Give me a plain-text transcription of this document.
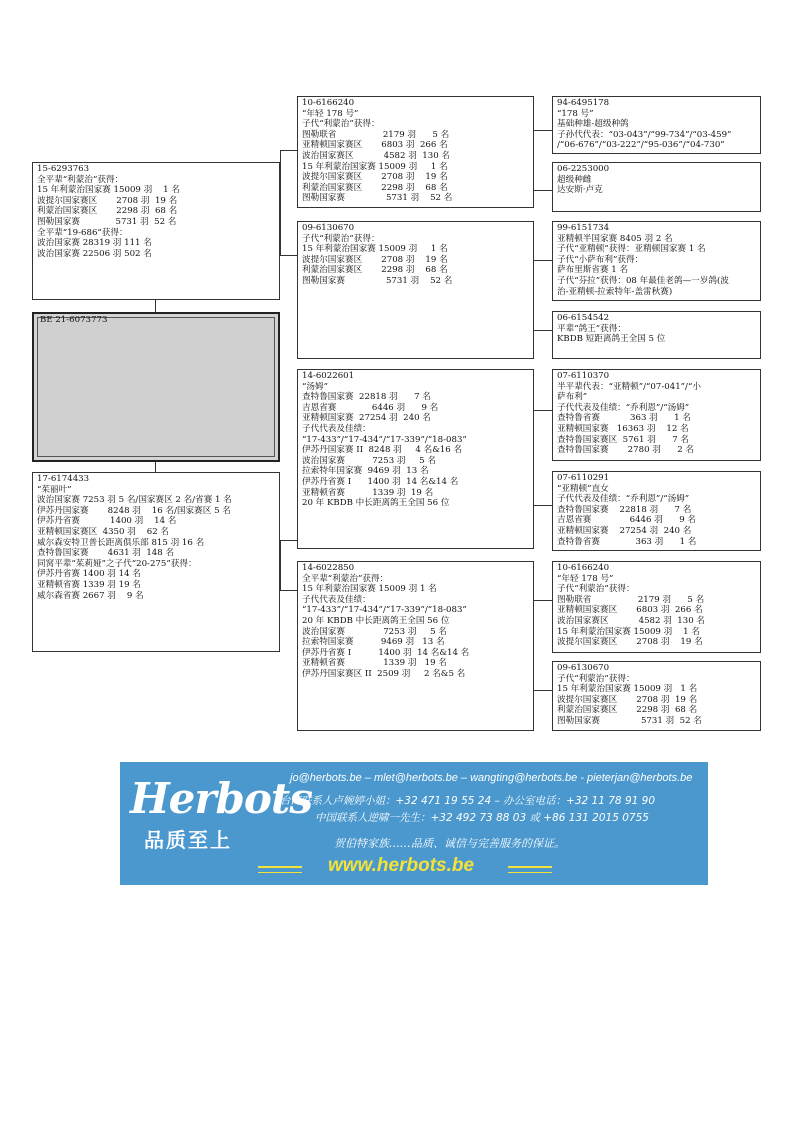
15-6293763
全平辈“利蒙治”获得：
15 年利蒙治国家赛 15009 羽    1 名
波提尔国家赛区       2708 羽  19 名
利蒙治国家赛区       2298 羽  68 名
图勒国家赛             5731 羽  52 名
全平辈“19-686”获得：
波治国家赛 28319 羽 111 名
波治国家赛 22506 羽 502 名
BE 21-6073773
17-6174433
“茱丽叶”
波治国家赛 7253 羽 5 名/国家赛区 2 名/省赛 1 名
伊苏丹国家赛       8248 羽    16 名/国家赛区 5 名
伊苏丹省赛           1400 羽    14 名
亚精顿国家赛区  4350 羽    62 名
威尔森安特卫普长距离俱乐部 815 羽 16 名
查特鲁国家赛       4631 羽  148 名
同窝平辈“茱莉娅”之子代“20-275”获得：
伊苏丹省赛 1400 羽 14 名
亚精顿省赛 1339 羽 19 名
威尔森省赛 2667 羽    9 名
10-6166240
“年轻 178 号”
子代“利蒙治”获得：
图勒联省                 2179 羽      5 名
亚精顿国家赛区       6803 羽  266 名
波治国家赛区           4582 羽  130 名
15 年利蒙治国家赛 15009 羽     1 名
波提尔国家赛区       2708 羽    19 名
利蒙治国家赛区       2298 羽    68 名
图勒国家赛               5731 羽    52 名
09-6130670
子代“利蒙治”获得：
15 年利蒙治国家赛 15009 羽     1 名
波提尔国家赛区       2708 羽    19 名
利蒙治国家赛区       2298 羽    68 名
图勒国家赛               5731 羽    52 名
14-6022601
“汤姆”
查特鲁国家赛  22818 羽      7 名
吉恩省赛             6446 羽      9 名
亚精顿国家赛  27254 羽  240 名
子代代表及佳绩：
“17-433”/“17-434”/“17-339”/“18-083”
伊苏丹国家赛 II  8248 羽     4 名&16 名
波治国家赛          7253 羽     5 名
拉索特年国家赛  9469 羽  13 名
伊苏丹省赛 I      1400 羽  14 名&14 名
亚精顿省赛          1339 羽  19 名
20 年 KBDB 中长距离鸽王全国 56 位
14-6022850
全平辈“利蒙治”获得：
15 年利蒙治国家赛 15009 羽 1 名
子代代表及佳绩：
“17-433”/“17-434”/“17-339”/“18-083”
20 年 KBDB 中长距离鸽王全国 56 位
波治国家赛              7253 羽     5 名
拉索特国家赛          9469 羽   13 名
伊苏丹省赛 I          1400 羽  14 名&14 名
亚精顿省赛              1339 羽   19 名
伊苏丹国家赛区 II  2509 羽     2 名&5 名
94-6495178
“178 号”
基础种雄-超级种鸽
子孙代代表：“03-043”/“99-734”/“03-459”
/“06-676”/“03-222”/“95-036”/“04-730”
06-2253000
超级种雌
达安斯·卢克
99-6151734
亚精顿半国家赛 8405 羽 2 名
子代“亚精顿”获得：亚精顿国家赛 1 名
子代“小萨布利”获得：
萨布里斯省赛 1 名
子代“芬拉”获得：08 年最佳老鸽—一岁鸽(波
治-亚精顿-拉索特年-盖雷秋赛)
06-6154542
平辈“鸽王”获得：
KBDB 短距离鸽王全国 5 位
07-6110370
半平辈代表：“亚精顿”/“07-041”/“小
萨布利”
子代代表及佳绩：“乔利恩”/“汤姆”
查特鲁省赛           363 羽      1 名
亚精顿国家赛   16363 羽    12 名
查特鲁国家赛区  5761 羽      7 名
查特鲁国家赛       2780 羽      2 名
07-6110291
“亚精顿”直女
子代代表及佳绩：“乔利恩”/“汤姆”
查特鲁国家赛    22818 羽      7 名
吉恩省赛              6446 羽      9 名
亚精顿国家赛    27254 羽  240 名
查特鲁省赛             363 羽      1 名
10-6166240
“年轻 178 号”
子代“利蒙治”获得：
图勒联省                 2179 羽      5 名
亚精顿国家赛区       6803 羽  266 名
波治国家赛区           4582 羽  130 名
15 年利蒙治国家赛 15009 羽    1 名
波提尔国家赛区       2708 羽    19 名
09-6130670
子代“利蒙治”获得：
15 年利蒙治国家赛 15009 羽   1 名
波提尔国家赛区       2708 羽  19 名
利蒙治国家赛区       2298 羽  68 名
图勒国家赛               5731 羽  52 名
Herbots
品质至上
jo@herbots.be – mlet@herbots.be – wangting@herbots.be - pieterjan@herbots.be
台湾联系人卢婉婷小姐：+32 471 19 55 24 – 办公室电话：+32 11 78 91 90
中国联系人逆啸一先生：+32 492 73 88 03 或 +86 131 2015 0755
贺伯特家族……品质、诚信与完善服务的保证。
www.herbots.be
